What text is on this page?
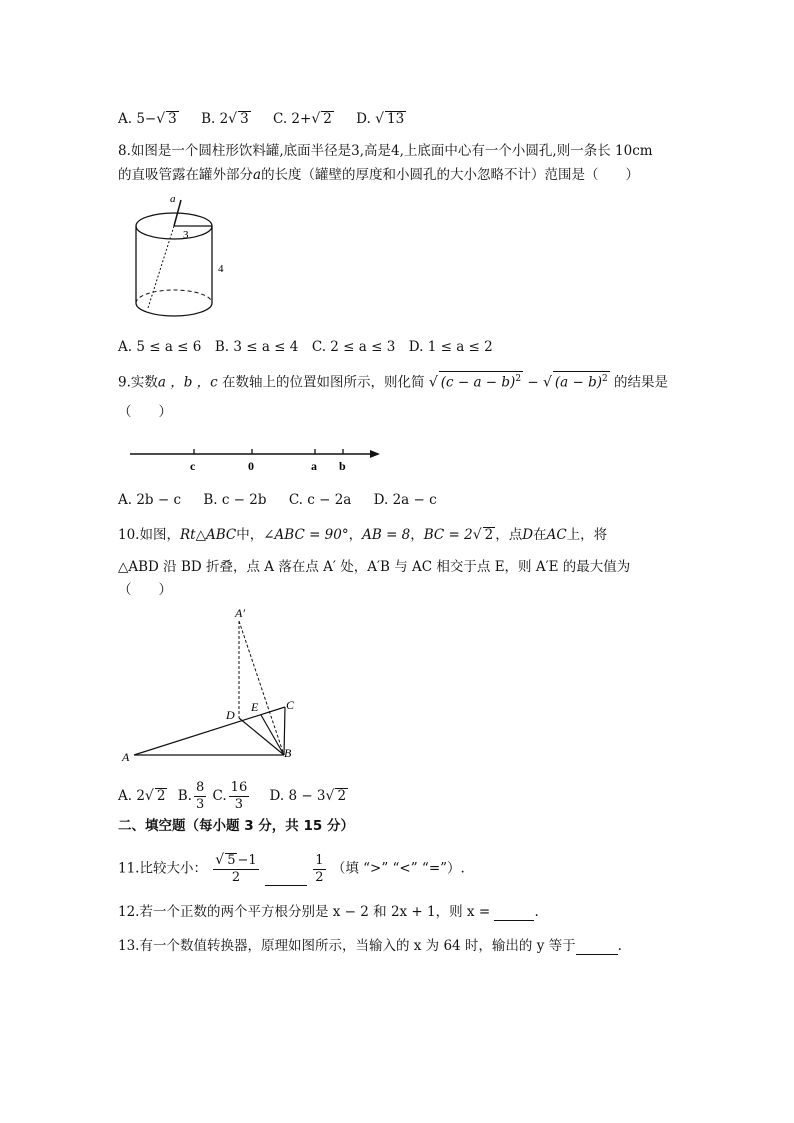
A. 5−√ 3 B. 2√ 3 C. 2+√ 2 D. √ 13
8.如图是一个圆柱形饮料罐,底面半径是3,高是4,上底面中心有一个小圆孔,则一条长 10cm
的直吸管露在罐外部分a的长度（罐壁的厚度和小圆孔的大小忽略不计）范围是（　　）
a
3
4
A. 5 ≤ a ≤ 6　B. 3 ≤ a ≤ 4　C. 2 ≤ a ≤ 3　D. 1 ≤ a ≤ 2
9.实数a ，b ，c 在数轴上的位置如图所示，则化简 √ $(c - a - b)^2$ − √ $(a - b)^2$ 的结果是
（　　）
c	0	a b
A. 2b − c B. c − 2b C. c − 2a D. 2a − c
10.如图，Rt△ABC中，∠ABC = 90°，AB = 8，BC = 2√ 2 ，点D在AC上，将
△ABD 沿 BD 折叠，点 A 落在点 A′ 处，A′B 与 AC 相交于点 E，则 A′E 的最大值为
（　　）
A′
D
E C
A	B
A. 2√ 2 B. $\frac{8}{3} C$. $\frac{16}{3} D$. 8 − 3√ 2
二、填空题（每小题 3 分，共 15 分）
11.比较大小： $\frac{√ 5 -1}{2}$
	$\frac{1}{2}$ （填 “>” “<” “=”）.
12.若一个正数的两个平方根分别是 x − 2 和 2x + 1，则 x =	.
13.有一个数值转换器，原理如图所示，当输入的 x 为 64 时，输出的 y 等于	.
